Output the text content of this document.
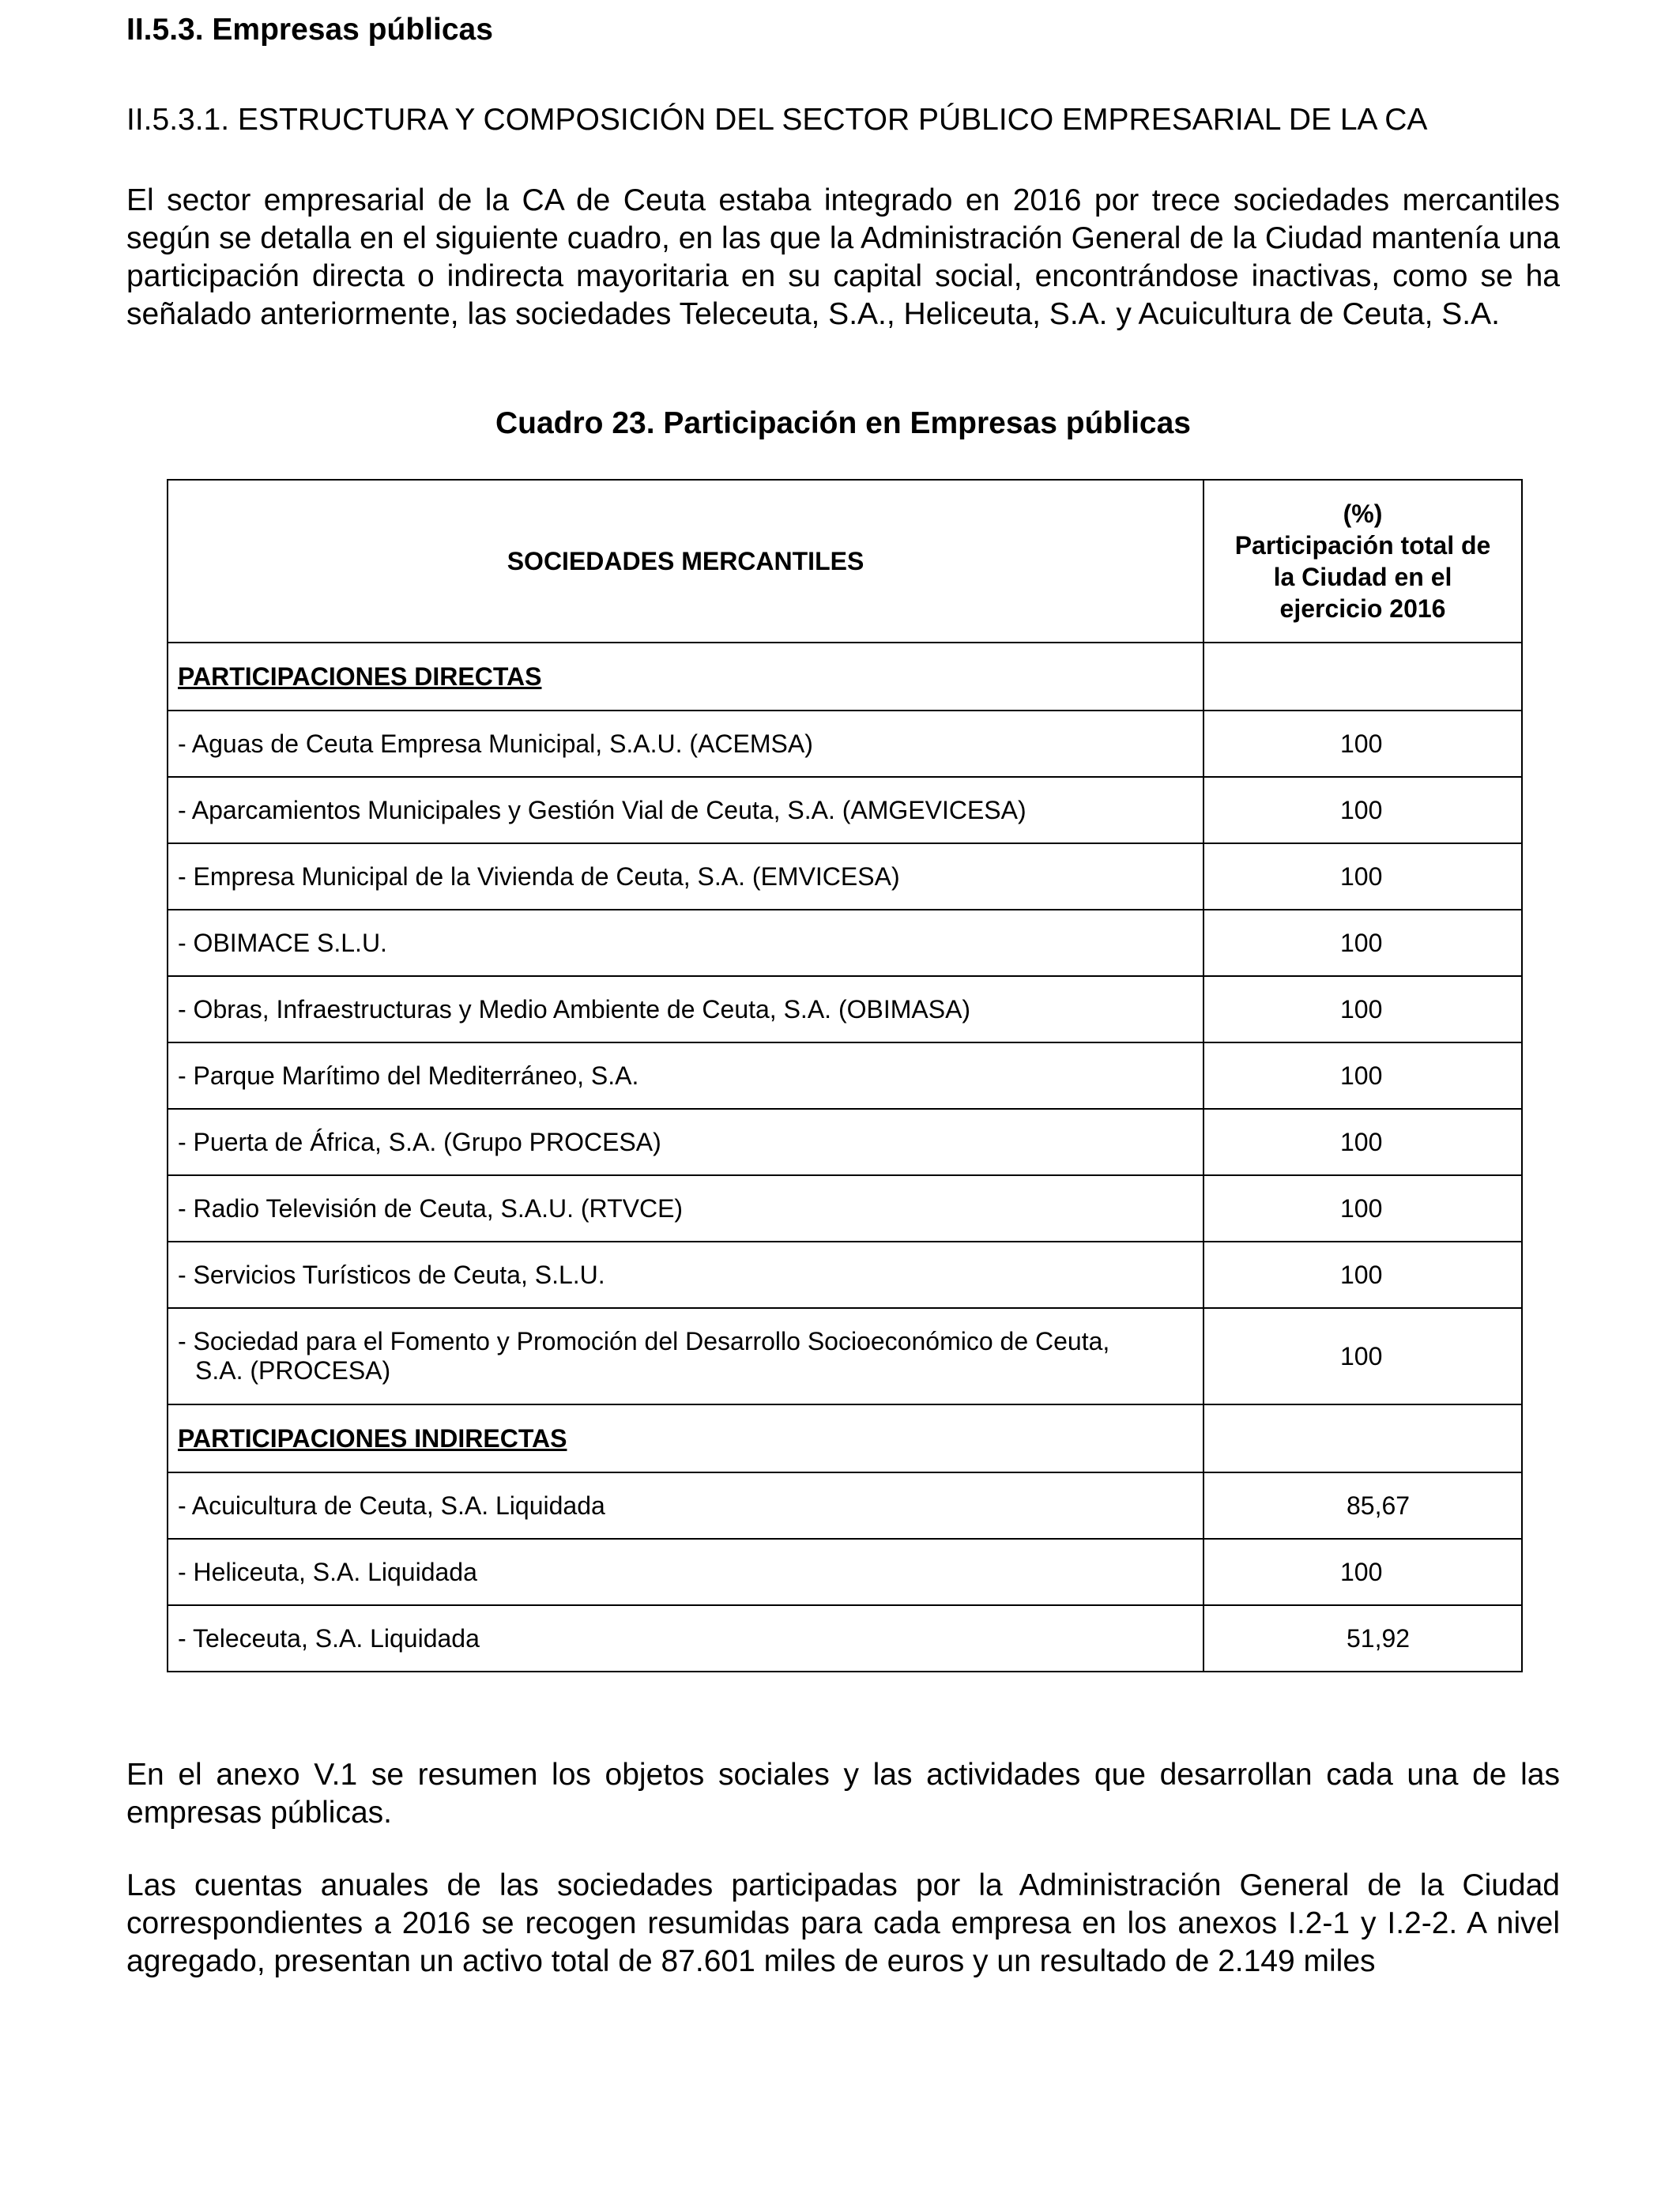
II.5.3. Empresas públicas
II.5.3.1. ESTRUCTURA Y COMPOSICIÓN DEL SECTOR PÚBLICO EMPRESARIAL DE LA CA
El sector empresarial de la CA de Ceuta estaba integrado en 2016 por trece sociedades mercantiles según se detalla en el siguiente cuadro, en las que la Administración General de la Ciudad mantenía una participación directa o indirecta mayoritaria en su capital social, encontrándose inactivas, como se ha señalado anteriormente, las sociedades Teleceuta, S.A., Heliceuta, S.A. y Acuicultura de Ceuta, S.A.
Cuadro 23. Participación en Empresas públicas
SOCIEDADES MERCANTILES	(%)
Participación total de
la Ciudad en el
ejercicio 2016

PARTICIPACIONES DIRECTAS	
- Aguas de Ceuta Empresa Municipal, S.A.U. (ACEMSA)	100
- Aparcamientos Municipales y Gestión Vial de Ceuta, S.A. (AMGEVICESA)	100
- Empresa Municipal de la Vivienda de Ceuta, S.A. (EMVICESA)	100
- OBIMACE S.L.U.	100
- Obras, Infraestructuras y Medio Ambiente de Ceuta, S.A. (OBIMASA)	100
- Parque Marítimo del Mediterráneo, S.A.	100
- Puerta de África, S.A. (Grupo PROCESA)	100
- Radio Televisión de Ceuta, S.A.U. (RTVCE)	100
- Servicios Turísticos de Ceuta, S.L.U.	100
- Sociedad para el Fomento y Promoción del Desarrollo Socioeconómico de Ceuta,
S.A. (PROCESA)	100
PARTICIPACIONES INDIRECTAS	
- Acuicultura de Ceuta, S.A. Liquidada	85,67
- Heliceuta, S.A. Liquidada	100
- Teleceuta, S.A. Liquidada	51,92
En el anexo V.1 se resumen los objetos sociales y las actividades que desarrollan cada una de las empresas públicas.
Las cuentas anuales de las sociedades participadas por la Administración General de la Ciudad correspondientes a 2016 se recogen resumidas para cada empresa en los anexos I.2-1 y I.2-2. A nivel agregado, presentan un activo total de 87.601 miles de euros y un resultado de 2.149 miles
